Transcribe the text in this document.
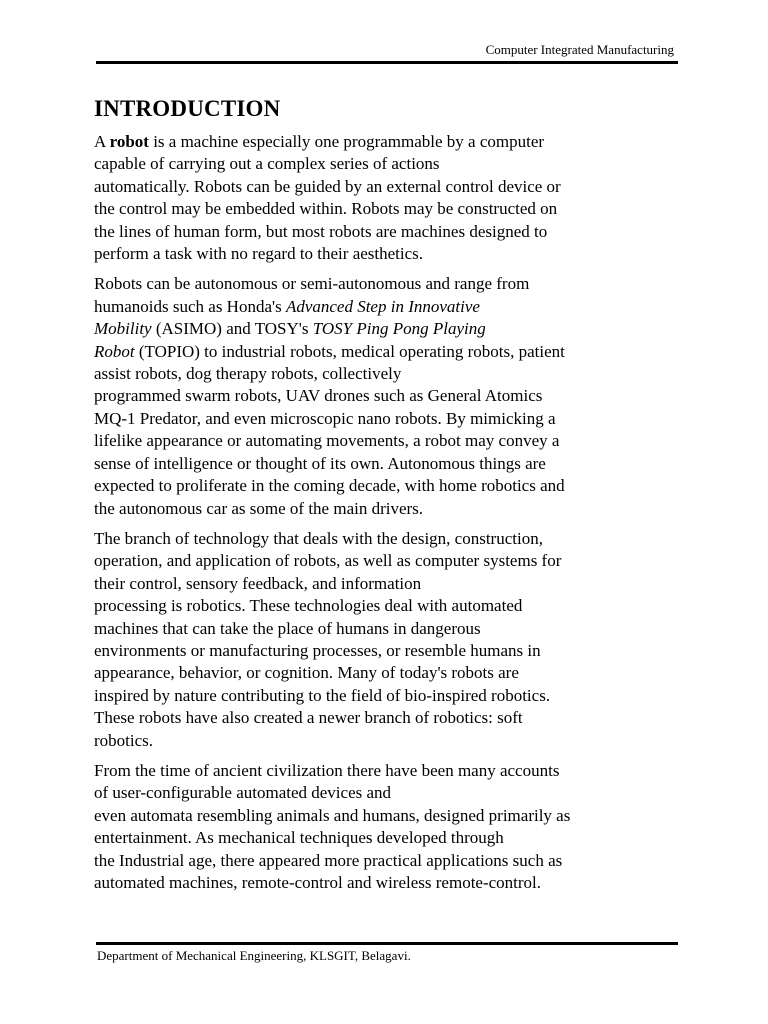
Computer Integrated Manufacturing
INTRODUCTION

A robot is a machine especially one programmable by a computer
capable of carrying out a complex series of actions
automatically. Robots can be guided by an external control device or
the control may be embedded within. Robots may be constructed on
the lines of human form, but most robots are machines designed to
perform a task with no regard to their aesthetics.

Robots can be autonomous or semi-autonomous and range from
humanoids such as Honda's Advanced Step in Innovative
Mobility (ASIMO) and TOSY's TOSY Ping Pong Playing
Robot (TOPIO) to industrial robots, medical operating robots, patient
assist robots, dog therapy robots, collectively
programmed swarm robots, UAV drones such as General Atomics
MQ-1 Predator, and even microscopic nano robots. By mimicking a
lifelike appearance or automating movements, a robot may convey a
sense of intelligence or thought of its own. Autonomous things are
expected to proliferate in the coming decade, with home robotics and
the autonomous car as some of the main drivers.

The branch of technology that deals with the design, construction,
operation, and application of robots, as well as computer systems for
their control, sensory feedback, and information
processing is robotics. These technologies deal with automated
machines that can take the place of humans in dangerous
environments or manufacturing processes, or resemble humans in
appearance, behavior, or cognition. Many of today's robots are
inspired by nature contributing to the field of bio-inspired robotics.
These robots have also created a newer branch of robotics: soft
robotics.

From the time of ancient civilization there have been many accounts
of user-configurable automated devices and
even automata resembling animals and humans, designed primarily as
entertainment. As mechanical techniques developed through
the Industrial age, there appeared more practical applications such as
automated machines, remote-control and wireless remote-control.

Department of Mechanical Engineering, KLSGIT, Belagavi.
